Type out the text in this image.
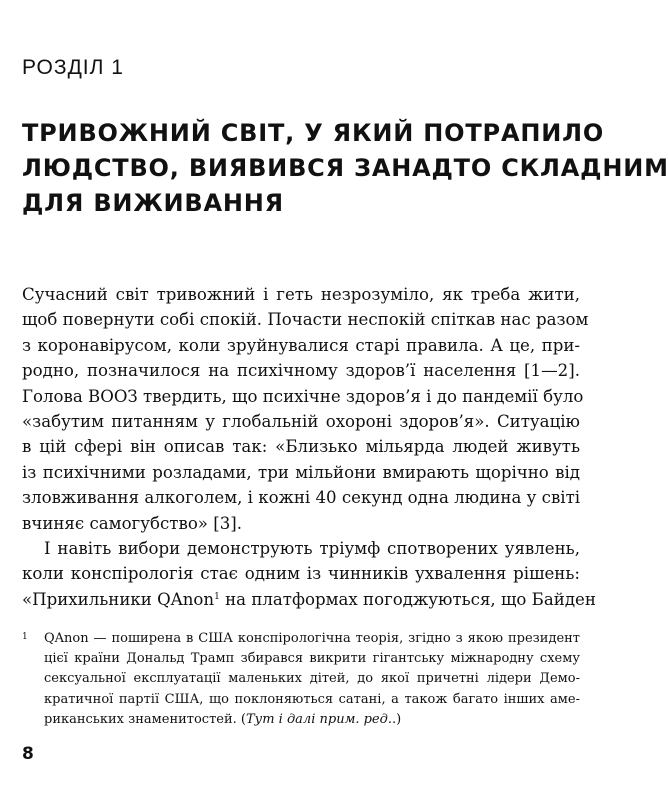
РОЗДІЛ 1
ТРИВОЖНИЙ СВІТ, У ЯКИЙ ПОТРАПИЛО
ЛЮДСТВО, ВИЯВИВСЯ ЗАНАДТО СКЛАДНИМ
ДЛЯ ВИЖИВАННЯ
Сучасний світ тривожний і геть незрозуміло, як треба жити,
щоб повернути собі спокій. Почасти неспокій спіткав нас разом
з коронавірусом, коли зруйнувалися старі правила. А це, при-
родно, позначилося на психічному здоров’ї населення [1—2].
Голова ВООЗ твердить, що психічне здоров’я і до пандемії було
«забутим питанням у глобальній охороні здоров’я». Ситуацію
в цій сфері він описав так: «Близько мільярда людей живуть
із психічними розладами, три мільйони вмирають щорічно від
зловживання алкоголем, і кожні 40 секунд одна людина у світі
вчиняє самогубство» [3].
І навіть вибори демонструють тріумф спотворених уявлень,
коли конспірологія стає одним із чинників ухвалення рішень:
«Прихильники QAnon$^1$ на платформах погоджуються, що Байден
1 QAnon — поширена в США конспірологічна теорія, згідно з якою президент
цієї країни Дональд Трамп збирався викрити гігантську міжнародну схему
сексуальної експлуатації маленьких дітей, до якої причетні лідери Демо-
кратичної партії США, що поклоняються сатані, а також багато інших аме-
риканських знаменитостей. (Тут і далі прим. ред..)
8
